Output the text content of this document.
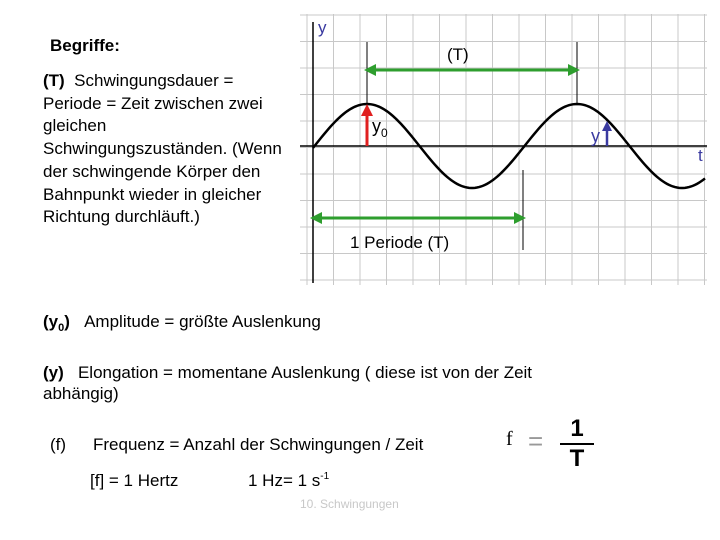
Begriffe:
(T) Schwingungsdauer = Periode = Zeit zwischen zwei gleichen Schwingungszuständen. (Wenn der schwingende Körper den Bahnpunkt wieder in gleicher Richtung durchläuft.)
(T)
1 Periode (T)
$y_0$	y
y
t
$(y_0)$ Amplitude = größte Auslenkung
(y) Elongation = momentane Auslenkung ( diese ist von der Zeit
abhängig)
(f) Frequenz = Anzahl der Schwingungen / Zeit	f =	1
T
[f] = 1 Hertz	1 Hz= 1 $s^{-1}$
10. Schwingungen
